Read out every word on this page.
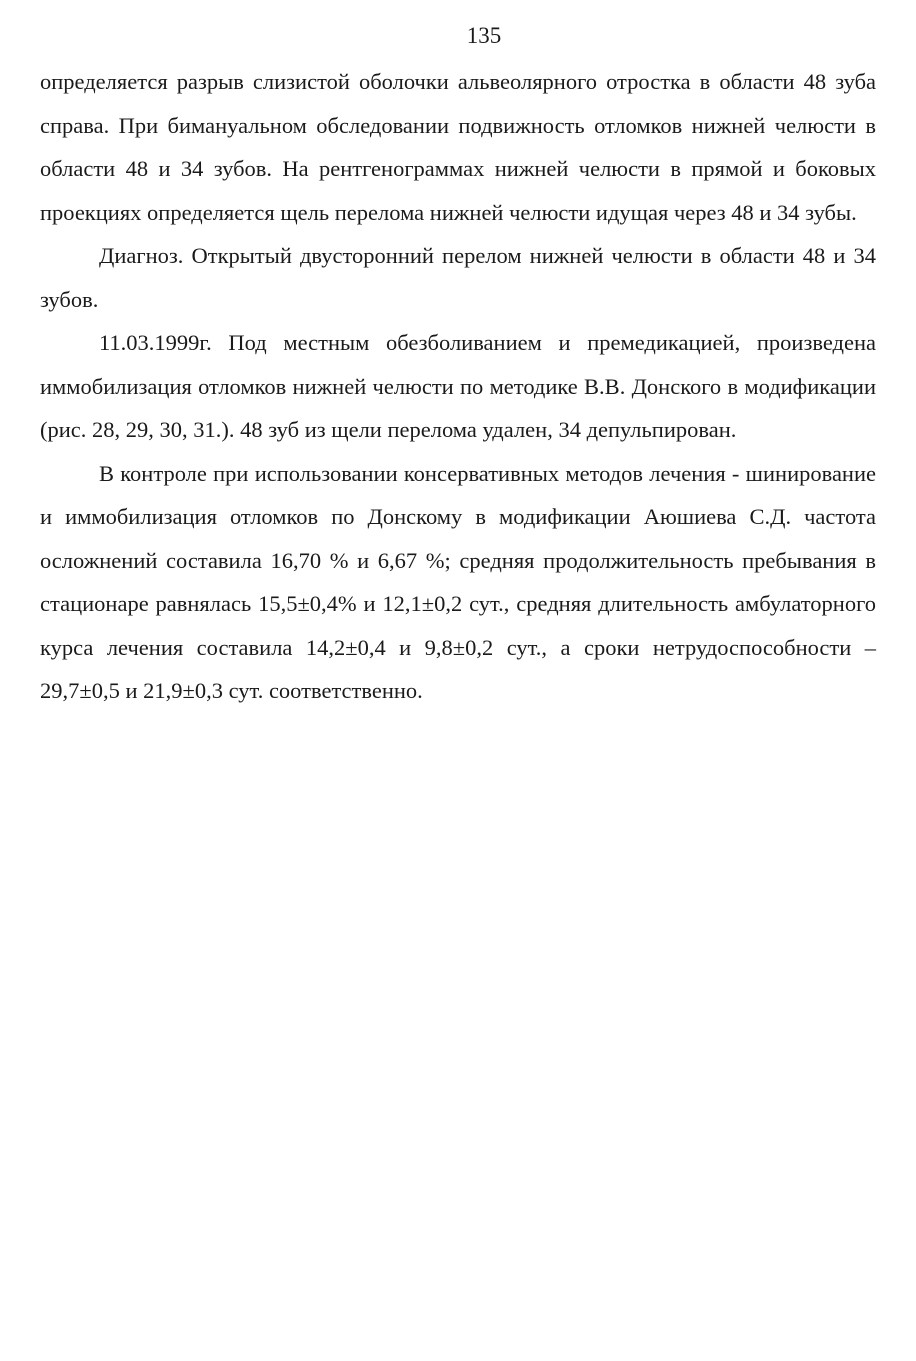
135

определяется разрыв слизистой оболочки альвеолярного отростка в области 48 зуба справа. При бимануальном обследовании подвижность отломков нижней челюсти в области 48 и 34 зубов. На рентгенограммах нижней челюсти в прямой и боковых проекциях определяется щель перелома нижней челюсти идущая через 48 и 34 зубы.

Диагноз. Открытый двусторонний перелом нижней челюсти в области 48 и 34 зубов.

11.03.1999г. Под местным обезболиванием и премедикацией, произведена иммобилизация отломков нижней челюсти по методике В.В. Донского в модификации (рис. 28, 29, 30, 31.). 48 зуб из щели перелома удален, 34 депульпирован.

В контроле при использовании консервативных методов лечения - шинирование и иммобилизация отломков по Донскому в модификации Аюшиева С.Д. частота осложнений составила 16,70 % и 6,67 %; средняя продолжительность пребывания в стационаре равнялась 15,5±0,4% и 12,1±0,2 сут., средняя длительность амбулаторного курса лечения составила 14,2±0,4 и 9,8±0,2 сут., а сроки нетрудоспособности – 29,7±0,5 и 21,9±0,3 сут. соответственно.
